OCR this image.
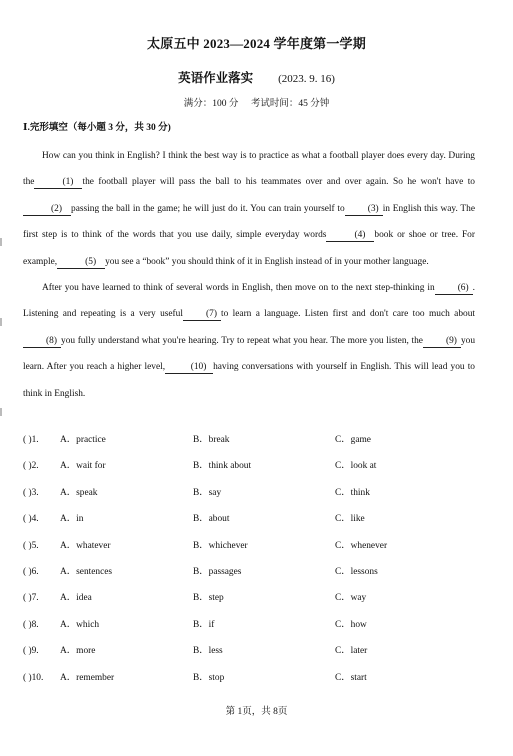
太原五中 2023—2024 学年度第一学期
英语作业落实 (2023. 9. 16)
满分：100 分 考试时间：45 分钟
Ⅰ.完形填空（每小题 3 分，共 30 分)

How can you think in English? I think the best way is to practice as what a football player does every day. During the	(1) the football player will pass the ball to his teammates over and over again. So he won't have to(2) passing the ball in the game; he will just do it. You can train yourself to (3) in English this way. The first step is to think of the words that you use daily, simple everyday words	(4) book or shoe or tree. For example,	(5) you see a “book” you should think of it in English instead of in your mother language.

After you have learned to think of several words in English, then move on to the next step-thinking in (6) . Listening and repeating is a very useful (7) to learn a language. Listen first and don't care too much about(8) you fully understand what you're hearing. Try to repeat what you hear. The more you listen, the (9) you learn. After you reach a higher level,	(10) having conversations with yourself in English. This will lead you to think in English.

( )1. A．practice	B．break	C．game
( )2. A．wait for	B．think about	C．look at
( )3. A．speak	B．say	C．think
( )4. A．in	B．about	C．like
( )5. A．whatever	B．whichever	C．whenever
( )6. A．sentences	B．passages	C．lessons
( )7. A．idea	B．step	C．way
( )8. A．which	B．if	C．how
( )9. A．more	B．less	C．later
( )10. A．remember	B．stop	C．start
第 1页，共 8页
